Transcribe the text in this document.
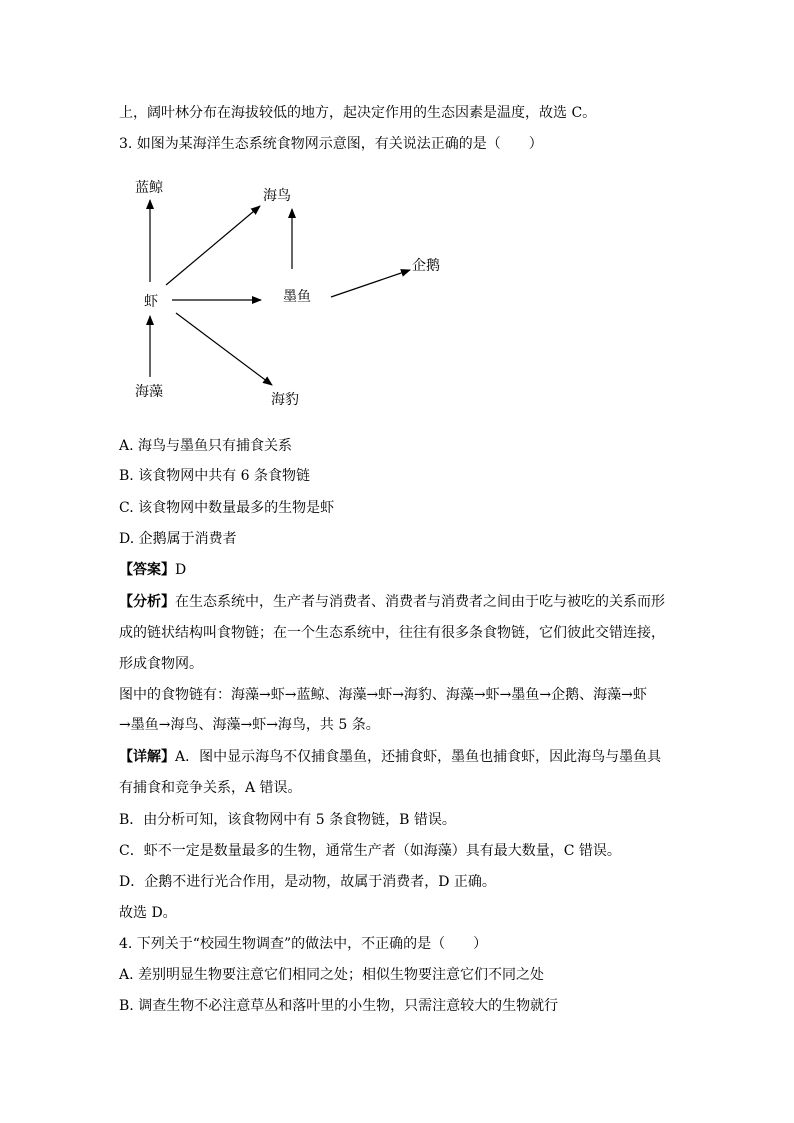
上，阔叶林分布在海拔较低的地方，起决定作用的生态因素是温度，故选 C。
3. 如图为某海洋生态系统食物网示意图，有关说法正确的是（　　）
蓝鲸	海鸟
企鹅
虾	墨鱼
海藻	海豹
A. 海鸟与墨鱼只有捕食关系
B. 该食物网中共有 6 条食物链
C. 该食物网中数量最多的生物是虾
D. 企鹅属于消费者
【答案】D
【分析】在生态系统中，生产者与消费者、消费者与消费者之间由于吃与被吃的关系而形
成的链状结构叫食物链；在一个生态系统中，往往有很多条食物链，它们彼此交错连接，
形成食物网。
图中的食物链有：海藻→虾→蓝鲸、海藻→虾→海豹、海藻→虾→墨鱼→企鹅、海藻→虾
→墨鱼→海鸟、海藻→虾→海鸟，共 5 条。
【详解】A．图中显示海鸟不仅捕食墨鱼，还捕食虾，墨鱼也捕食虾，因此海鸟与墨鱼具
有捕食和竞争关系，A 错误。
B．由分析可知，该食物网中有 5 条食物链，B 错误。
C．虾不一定是数量最多的生物，通常生产者（如海藻）具有最大数量，C 错误。
D．企鹅不进行光合作用，是动物，故属于消费者，D 正确。
故选 D。
4. 下列关于“校园生物调查”的做法中，不正确的是（　　）
A. 差别明显生物要注意它们相同之处；相似生物要注意它们不同之处
B. 调查生物不必注意草丛和落叶里的小生物，只需注意较大的生物就行
